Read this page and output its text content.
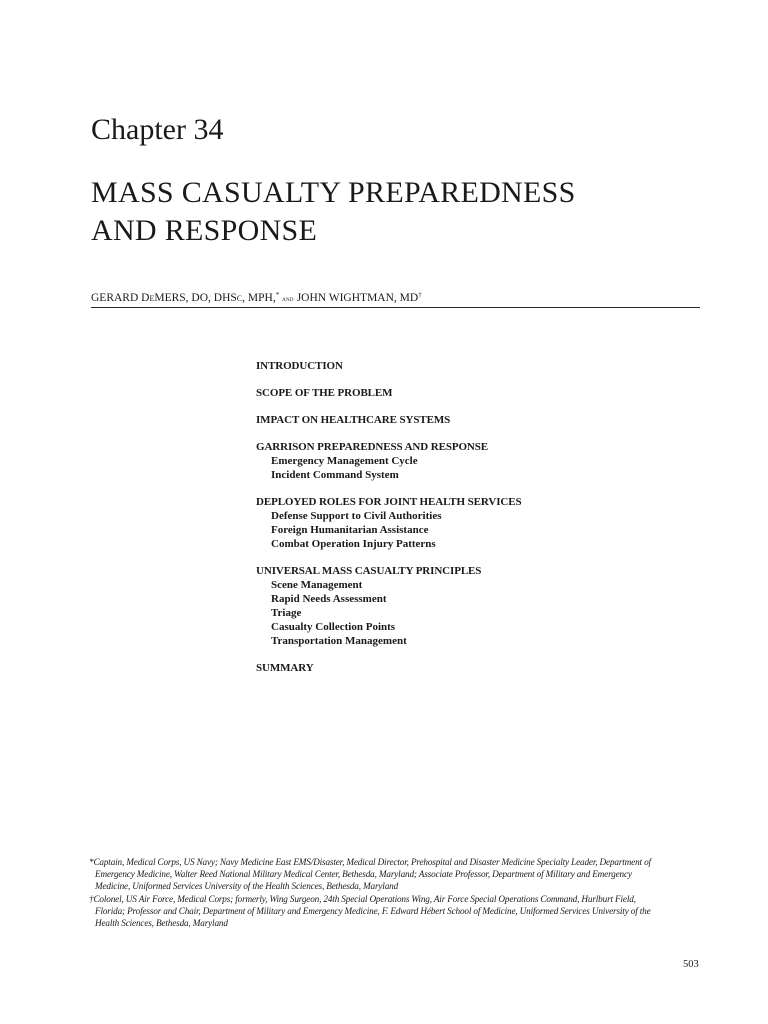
Chapter 34
MASS CASUALTY PREPAREDNESS
AND RESPONSE
GERARD DeMERS, DO, DHSc, MPH,* and JOHN WIGHTMAN, MD†
INTRODUCTION
SCOPE OF THE PROBLEM
IMPACT ON HEALTHCARE SYSTEMS
GARRISON PREPAREDNESS AND RESPONSE
Emergency Management Cycle
Incident Command System
DEPLOYED ROLES FOR JOINT HEALTH SERVICES
Defense Support to Civil Authorities
Foreign Humanitarian Assistance
Combat Operation Injury Patterns
UNIVERSAL MASS CASUALTY PRINCIPLES
Scene Management
Rapid Needs Assessment
Triage
Casualty Collection Points
Transportation Management
SUMMARY
*Captain, Medical Corps, US Navy; Navy Medicine East EMS/Disaster, Medical Director, Prehospital and Disaster Medicine Specialty Leader, Department of Emergency Medicine, Walter Reed National Military Medical Center, Bethesda, Maryland; Associate Professor, Department of Military and Emergency Medicine, Uniformed Services University of the Health Sciences, Bethesda, Maryland
†Colonel, US Air Force, Medical Corps; formerly, Wing Surgeon, 24th Special Operations Wing, Air Force Special Operations Command, Hurlburt Field, Florida; Professor and Chair, Department of Military and Emergency Medicine, F. Edward Hébert School of Medicine, Uniformed Services University of the Health Sciences, Bethesda, Maryland
503
